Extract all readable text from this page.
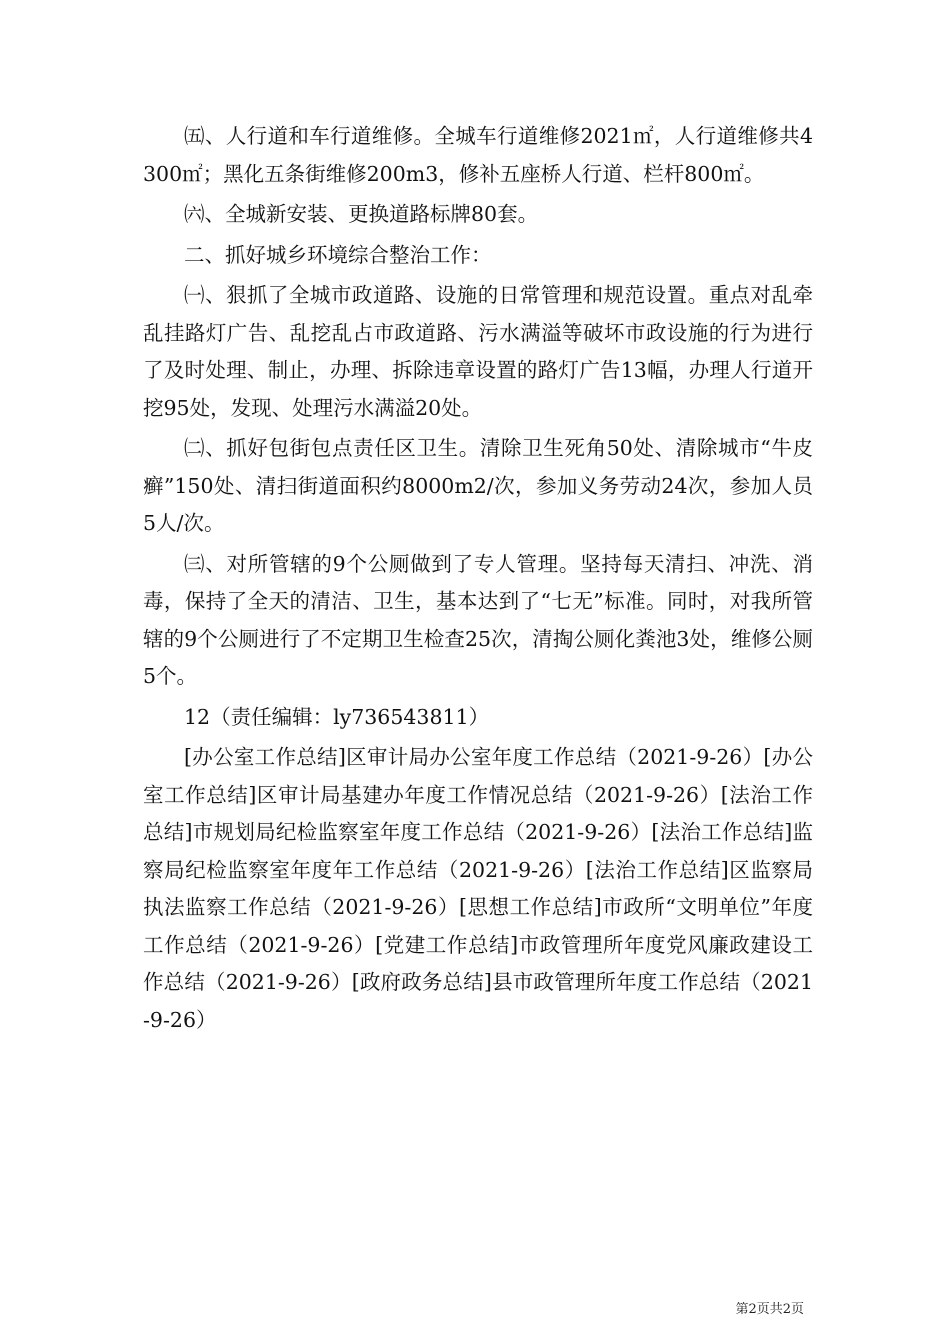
㈤、人行道和车行道维修。全城车行道维修2021㎡，人行道维修共4300㎡；黑化五条街维修200m3，修补五座桥人行道、栏杆800㎡。

㈥、全城新安装、更换道路标牌80套。

二、抓好城乡环境综合整治工作：

㈠、狠抓了全城市政道路、设施的日常管理和规范设置。重点对乱牵乱挂路灯广告、乱挖乱占市政道路、污水满溢等破坏市政设施的行为进行了及时处理、制止，办理、拆除违章设置的路灯广告13幅，办理人行道开挖95处，发现、处理污水满溢20处。

㈡、抓好包街包点责任区卫生。清除卫生死角50处、清除城市“牛皮癣”150处、清扫街道面积约8000m2/次，参加义务劳动24次，参加人员5人/次。

㈢、对所管辖的9个公厕做到了专人管理。坚持每天清扫、冲洗、消毒，保持了全天的清洁、卫生，基本达到了“七无”标准。同时，对我所管辖的9个公厕进行了不定期卫生检查25次，清掏公厕化粪池3处，维修公厕5个。

12（责任编辑：ly736543811）

[办公室工作总结]区审计局办公室年度工作总结（2021-9-26）[办公室工作总结]区审计局基建办年度工作情况总结（2021-9-26）[法治工作总结]市规划局纪检监察室年度工作总结（2021-9-26）[法治工作总结]监察局纪检监察室年度年工作总结（2021-9-26）[法治工作总结]区监察局执法监察工作总结（2021-9-26）[思想工作总结]市政所“文明单位”年度工作总结（2021-9-26）[党建工作总结]市政管理所年度党风廉政建设工作总结（2021-9-26）[政府政务总结]县市政管理所年度工作总结（2021-9-26）

第2页共2页
